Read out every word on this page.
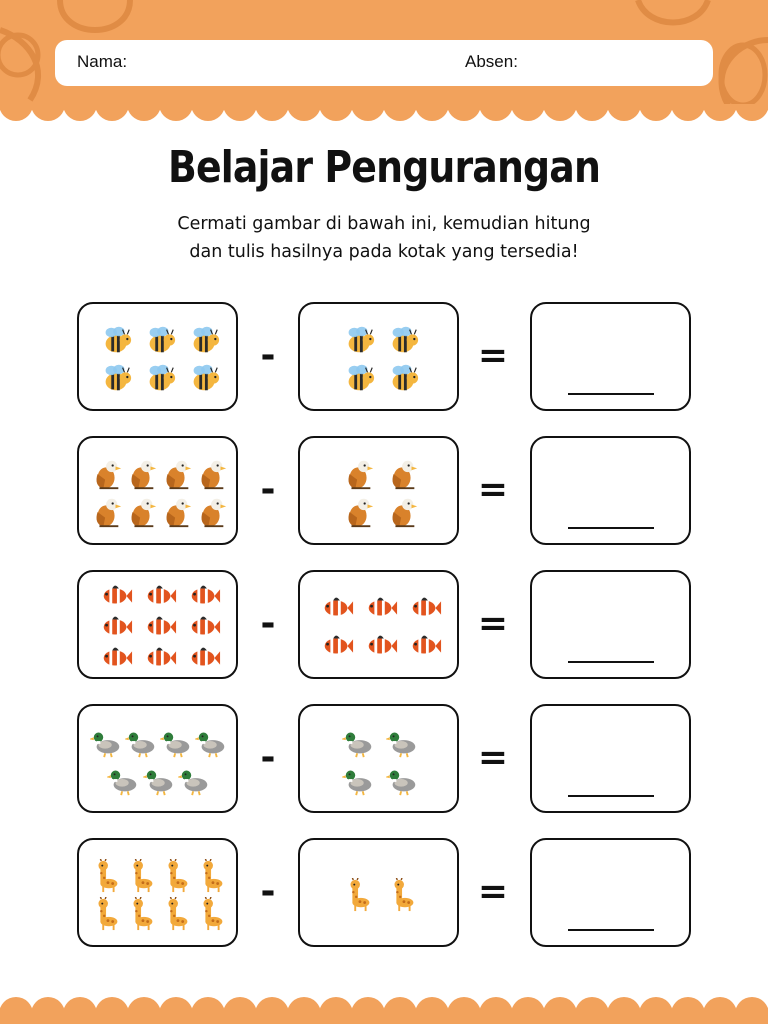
Nama:	Absen:
Belajar Pengurangan
Cermati gambar di bawah ini, kemudian hitung
dan tulis hasilnya pada kotak yang tersedia!
-	=
-	=
-	=
-	=
-	=
